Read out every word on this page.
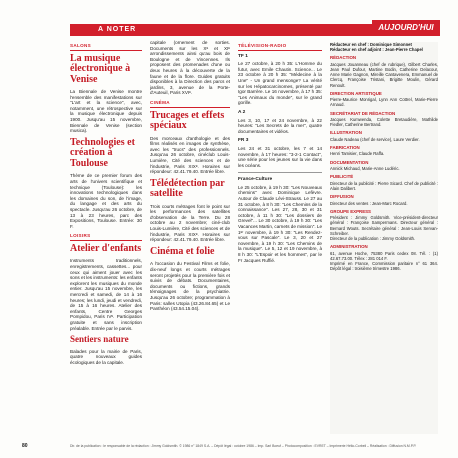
A NOTER	AUJOURD'HUI
SALONS
La musique électronique à Venise
La Biennale de Venise montre l'ensemble des manifestations sur "L'art et la science", avec, notamment, une rétrospective sur la musique électronique depuis 1900. Jusqu'au 15 novembre, Biennale de Venise (section musica).
Technologies et création à Toulouse
Thème de ce premier forum des arts de l'univers scientifique et technique (Toulouse): les innovations technologiques dans les domaines du son, de l'image, du langage et des arts du spectacle. Jusqu'au 26 octobre, de 13 à 23 heures, parc des Expositions, Toulouse. Entrée: 30 F.
LOISIRS
Atelier d'enfants
Instruments traditionnels, enregistrements, cassettes... pour ceux qui aiment jouer avec les sons et les instruments: les enfants explorent les musiques du monde entier. Jusqu'au 15 novembre, les mercredi et samedi, de 14 à 16 heures; les lundi, jeudi et vendredi, de 15 à 16 heures. Atelier des enfants, Centre Georges Pompidou, Paris IVᵉ. Participation gratuite et sans inscription préalable. Entrée par le parvis.
Sentiers nature
Balades pour la mairie de Paris, quatre nouveaux guides écologiques de la capitale.
capitale (ornement de sorties. Documents sur les Xᵉ et XIᵉ arrondissements ainsi qu'au bois de Boulogne et de Vincennes. Ils proposent des promenades d'une ou deux heures à la découverte de la faune et de la flore. Guides gratuits disponibles à la Direction des parcs et jardins, 3, avenue de la Porte-d'Auteuil, Paris XVIᵉ.
CINÉMA
Trucages et effets spéciaux
Des morceaux d'anthologie et des films réalisés en images de synthèse, avec les "trucs" des professionnels. Jusqu'au 26 octobre, cinéclub Louis-Lumière, Cité des sciences et de l'industrie, Paris XIXᵉ. Horaires sur répondeur: 42.41.79.40. Entrée libre.
Télédétection par satellite
Trois courts métrages font le point sur les performances des satellites d'observation de la Terre. Du 28 octobre au 2 novembre; ciné-club Louis-Lumière, Cité des sciences et de l'industrie, Paris XIXᵉ. Horaires sur répondeur: 42.41.79.40. Entrée libre.
Cinéma et folie
A l'occasion du Festival Films et folie, dix-neuf longs et courts métrages seront projetés pour la première fois et suivis de débats. Documentaires, documents ou fictions, grands témoignages de la psychiatrie. Jusqu'au 26 octobre; programmation à Paris: salles Utopia (43.26.84.65) et Le Panthéon (43.54.15.04).
TÉLÉVISION-RADIO
TF 1
Le 27 octobre, à 20 h 35: L'Homme du futur, avec Emile Chautin. Science... Le 23 octobre à 20 h 35: "Médecine à la Une" - Un grand mensonge? La vérité sur les Hépatocarcinomes, présenté par Igor Barrère. Le 16 novembre, à 17 h 35: "Les Animaux du monde", sur le grand gorille.
A 2
Les 3, 10, 17 et 24 novembre, à 22 heures: "Les Secrets de la mer", quatre documentaires et vidéos.
FR 3
Les 24 et 31 octobre, les 7 et 14 novembre, à 17 heures: "3-2-1 Contact", une série pour les jeunes sur la vie dans les océans.
France-Culture
Le 25 octobre, à 19 h 30: "Les Nouveaux chemins" avec Dominique Lefèvre. Autour de Claude Lévi-Strauss. Le 27 au 31 octobre, à 8 h 30: "Les Chemins de la connaissance". Les 27, 28, 30 et 31 octobre, à 11 h 30: "Les dossiers de Grevel"... Le 30 octobre, à 19 h 30: "Les Vacances Martin, carnets de mission". Le 1ᵉʳ novembre, à 19 h 30: "Les Rendez-vous sur Pascale". Le 3, 20 et 27 novembre, à 19 h 30: "Les Chemins de la musique". Le 5, 12 et 19 novembre, à 8 h 30: "L'Espoir et les hommes", par le Fr Jacques Ruffié.
Rédacteur en chef : Dominique Simonnet
Rédacteur en chef adjoint : Jean-Pierre Chapel
RÉDACTION
Jacques Jouanneau (chef de rubrique), Gilbert Charles, Jean Paul Dufour, Martine Bodin, Catherine Delacour, Anne Marie Gagnon, Mireille Cantavenera, Emmanuel de Clercq, Françoise Tristani, Brigitte Moulin, Gérard Renoult.
DIRECTION ARTISTIQUE
Pierre-Maurice Monrigal, Lynn Ann Cottrel, Marie-Pierre Arnaud.
SECRÉTARIAT DE RÉDACTION
Jacques Kumwenda, Colette Bretaudière, Mathilde Fiedler, Catherine Bertrand.
ILLUSTRATION
Claude Nadeau (chef de service), Laure Verdier.
FABRICATION
Henri Tamisier, Claude Raffa.
DOCUMENTATION
Annick Michaud, Marie-Anne Ludéric.
PUBLICITÉ
Directeur de la publicité : Pierre Sicard. Chef de publicité : Alain Dalibert.
DIFFUSION
Directeur des ventes : Jean-Marc Rocard.
GROUPE EXPRESS
Président : Jimmy Goldsmith. Vice-président-directeur général : Françoise Sampermans. Directeur général : Bernard Wouts. Secrétaire général : Jean-Louis Servan-Schreiber.
Directeur de la publication : Jimmy Goldsmith.
ADMINISTRATION
61, avenue Hoche, 75380 Paris cedex 08. Tél. : (1) 42.67.73.00. Télex : 281 014 F.
Imprimé en France, Commission paritaire n° 61 364. Dépôt légal : troisième trimestre 1986.
80	Dir. de la publication : le responsable de la rédaction : Jimmy Goldsmith. © 1986 n° 1849 S.A. – Dépôt légal : octobre 1986 – Imp. Sarl Boeuf – Photocomposition : EVRET – Imprimerie Hélio-Corbeil – Réalisation : Diffusion N.M.P.P.
